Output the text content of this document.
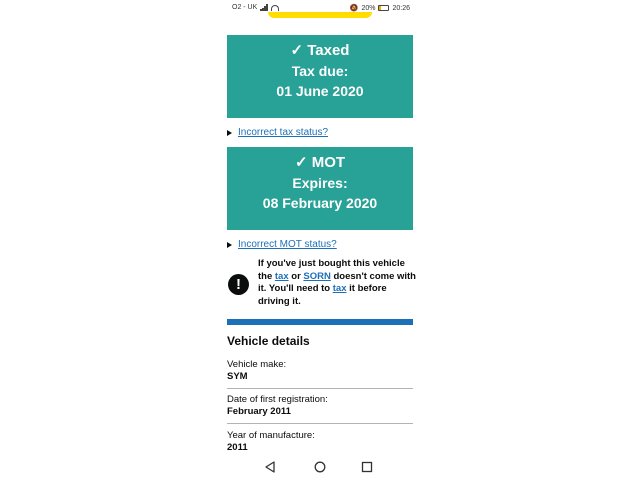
O2 - UK	🔕 20% 20:26
✓ Taxed
Tax due:
01 June 2020
Incorrect tax status?
✓ MOT
Expires:
08 February 2020
Incorrect MOT status?
!
If you've just bought this vehicle the tax or SORN doesn't come with it. You'll need to tax it before driving it.
Vehicle details
Vehicle make:
SYM
Date of first registration:
February 2011
Year of manufacture:
2011
